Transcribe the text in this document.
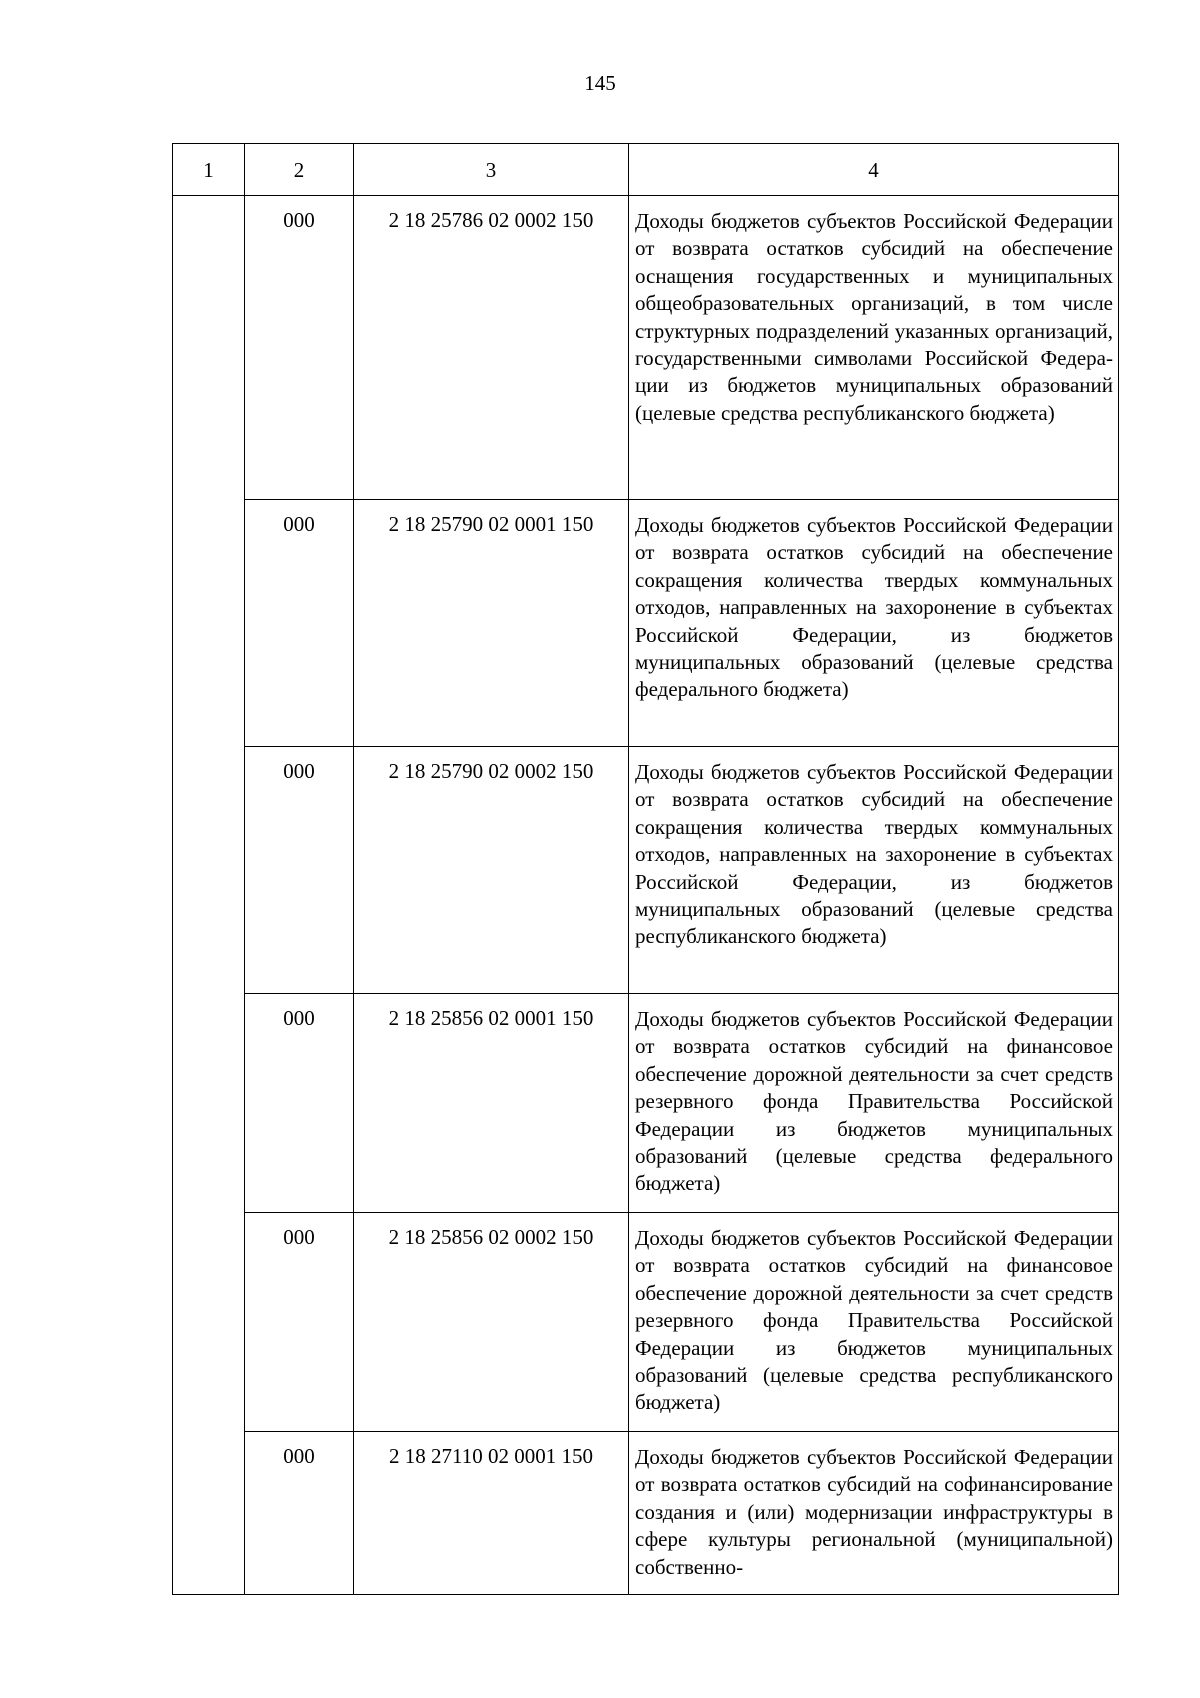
145
1	2	3	4
	000	2 18 25786 02 0002 150	Доходы бюджетов субъектов Российской Федерации от возврата остатков субсидий на обеспечение оснащения государственных и муниципальных общеобразовательных организаций, в том числе структурных подразделений указанных организаций, государственными символами Российской Федерации из бюджетов муниципальных образований (целевые средства республиканского бюджета)
	000	2 18 25790 02 0001 150	Доходы бюджетов субъектов Российской Федерации от возврата остатков субсидий на обеспечение сокращения количества твердых коммунальных отходов, направленных на захоронение в субъектах Российской Федерации, из бюджетов муниципальных образований (целевые средства федерального бюджета)
	000	2 18 25790 02 0002 150	Доходы бюджетов субъектов Российской Федерации от возврата остатков субсидий на обеспечение сокращения количества твердых коммунальных отходов, направленных на захоронение в субъектах Российской Федерации, из бюджетов муниципальных образований (целевые средства республиканского бюджета)
	000	2 18 25856 02 0001 150	Доходы бюджетов субъектов Российской Федерации от возврата остатков субсидий на финансовое обеспечение дорожной деятельности за счет средств резервного фонда Правительства Российской Федерации из бюджетов муниципальных образований (целевые средства федерального бюджета)
	000	2 18 25856 02 0002 150	Доходы бюджетов субъектов Российской Федерации от возврата остатков субсидий на финансовое обеспечение дорожной деятельности за счет средств резервного фонда Правительства Российской Федерации из бюджетов муниципальных образований (целевые средства республиканского бюджета)
	000	2 18 27110 02 0001 150	Доходы бюджетов субъектов Российской Федерации от возврата остатков субсидий на софинансирование создания и (или) модернизации инфраструктуры в сфере культуры региональной (муниципальной) собственно-
